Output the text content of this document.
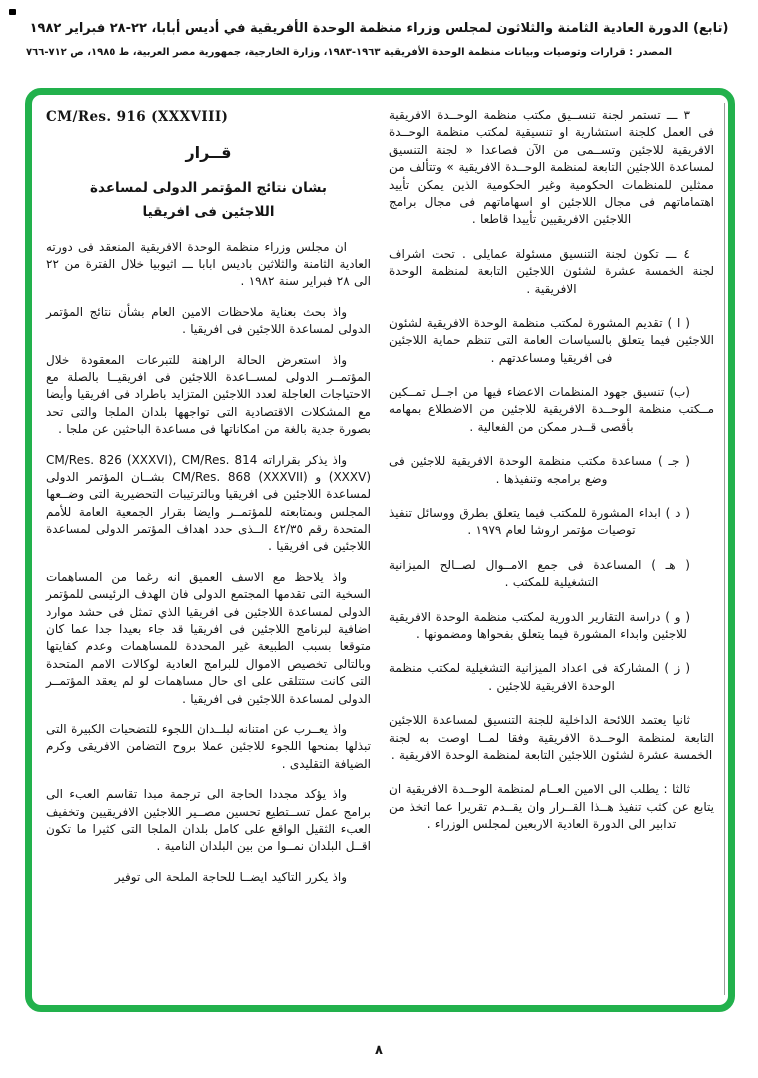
(تابع) الدورة العادية الثامنة والثلاثون لمجلس وزراء منظمة الوحدة الأفريقية في أديس أبابا، ٢٢-٢٨ فبراير ١٩٨٢
المصدر : قرارات وتوصيات وبيانات منظمة الوحدة الأفريقية ١٩٦٣-١٩٨٣، وزارة الخارجية، جمهورية مصر العربية، ط ١٩٨٥، ص ٧١٢-٧٦٦

٣ ـــ تستمر لجنة تنســيق مكتب منظمة الوحــدة الافريقية فى العمل كلجنة استشارية او تنسيقية لمكتب منظمة الوحــدة الافريقية للاجئين وتســمى من الآن فصاعدا « لجنة التنسيق لمساعدة اللاجئين التابعة لمنظمة الوحــدة الافريقية » وتتألف من ممثلين للمنظمات الحكومية وغير الحكومية الذين يمكن تأييد اهتماماتهم فى مجال اللاجئين او اسهاماتهم فى مجال برامج اللاجئين الافريقيين تأييدا قاطعا .

٤ ـــ تكون لجنة التنسيق مسئولة عمايلى . تحت اشراف لجنة الخمسة عشرة لشئون اللاجئين التابعة لمنظمة الوحدة الافريقية .

( ا ) تقديم المشورة لمكتب منظمة الوحدة الافريقية لشئون اللاجئين فيما يتعلق بالسياسات العامة التى تنظم حماية اللاجئين فى افريقيا ومساعدتهم .

(ب) تنسيق جهود المنظمات الاعضاء فيها من اجــل تمــكين مــكتب منظمة الوحــدة الافريقية للاجئين من الاضطلاع بمهامه بأقصى قــدر ممكن من الفعالية .

( جـ ) مساعدة مكتب منظمة الوحدة الافريقية للاجئين فى وضع برامجه وتنفيذها .

( د ) ابداء المشورة للمكتب فيما يتعلق بطرق ووسائل تنفيذ توصيات مؤتمر اروشا لعام ١٩٧٩ .

( هـ ) المساعدة فى جمع الامــوال لصــالح الميزانية التشغيلية للمكتب .

( و ) دراسة التقارير الدورية لمكتب منظمة الوحدة الافريقية للاجئين وابداء المشورة فيما يتعلق بفحواها ومضمونها .

( ز ) المشاركة فى اعداد الميزانية التشغيلية لمكتب منظمة الوحدة الافريقية للاجئين .

ثانيا يعتمد اللائحة الداخلية للجنة التنسيق لمساعدة اللاجئين التابعة لمنظمة الوحــدة الافريقية وفقا لمــا اوصت به لجنة الخمسة عشرة لشئون اللاجئين التابعة لمنظمة الوحدة الافريقية .

ثالثا : يطلب الى الامين العــام لمنظمة الوحــدة الافريقية ان يتابع عن كثب تنفيذ هــذا القــرار وان يقــدم تقريرا عما اتخذ من تدابير الى الدورة العادية الاربعين لمجلس الوزراء .

CM/Res. 916 (XXXVIII)
قــرار
بشان نتائج المؤتمر الدولى لمساعدة
اللاجئين فى افريقيا

ان مجلس وزراء منظمة الوحدة الافريقية المنعقد فى دورته العادية الثامنة والثلاثين باديس ابابا ـــ اثيوبيا خلال الفترة من ٢٢ الى ٢٨ فبراير سنة ١٩٨٢ .

واذ بحث بعناية ملاحظات الامين العام بشأن نتائج المؤتمر الدولى لمساعدة اللاجئين فى افريقيا .

واذ استعرض الحالة الراهنة للتبرعات المعقودة خلال المؤتمــر الدولى لمســاعدة اللاجئين فى افريقيــا بالصلة مع الاحتياجات العاجلة لعدد اللاجئين المتزايد باطراد فى افريقيا وأيضا مع المشكلات الاقتصادية التى تواجهها بلدان الملجا والتى تحد بصورة جدية بالغة من امكاناتها فى مساعدة الباحثين عن ملجا .

واذ يذكر بقراراته CM/Res. 826 (XXXVI), CM/Res. 814 (XXXV) و CM/Res. 868 (XXXVII) بشــان المؤتمر الدولى لمساعدة اللاجئين فى افريقيا وبالترتيبات التحضيرية التى وضــعها المجلس وبمتابعته للمؤتمــر وايضا بقرار الجمعية العامة للأمم المتحدة رقم ٤٢/٣٥ الــذى حدد اهداف المؤتمر الدولى لمساعدة اللاجئين فى افريقيا .

واذ يلاحظ مع الاسف العميق انه رغما من المساهمات السخية التى تقدمها المجتمع الدولى فان الهدف الرئيسى للمؤتمر الدولى لمساعدة اللاجئين فى افريقيا الذي تمثل فى حشد موارد اضافية لبرنامج اللاجئين فى افريقيا قد جاء بعيدا جدا عما كان متوقعا بسبب الطبيعة غير المحددة للمساهمات وعدم كفايتها وبالتالى تخصيص الاموال للبرامج العادية لوكالات الامم المتحدة التى كانت ستتلقى على اى حال مساهمات لو لم يعقد المؤتمــر الدولى لمساعدة اللاجئين فى افريقيا .

واذ يعــرب عن امتنانه لبلــدان اللجوء للتضحيات الكبيرة التى تبذلها بمنحها اللجوء للاجئين عملا بروح التضامن الافريقى وكرم الضيافة التقليدى .

واذ يؤكد مجددا الحاجة الى ترجمة مبدا تقاسم العبء الى برامج عمل تســتطيع تحسين مصــير اللاجئين الافريقيين وتخفيف العبء الثقيل الواقع على كامل بلدان الملجا التى كثيرا ما تكون اقــل البلدان نمــوا من بين البلدان النامية .

واذ يكرر التاكيد ايضــا للحاجة الملحة الى توفير

٨
